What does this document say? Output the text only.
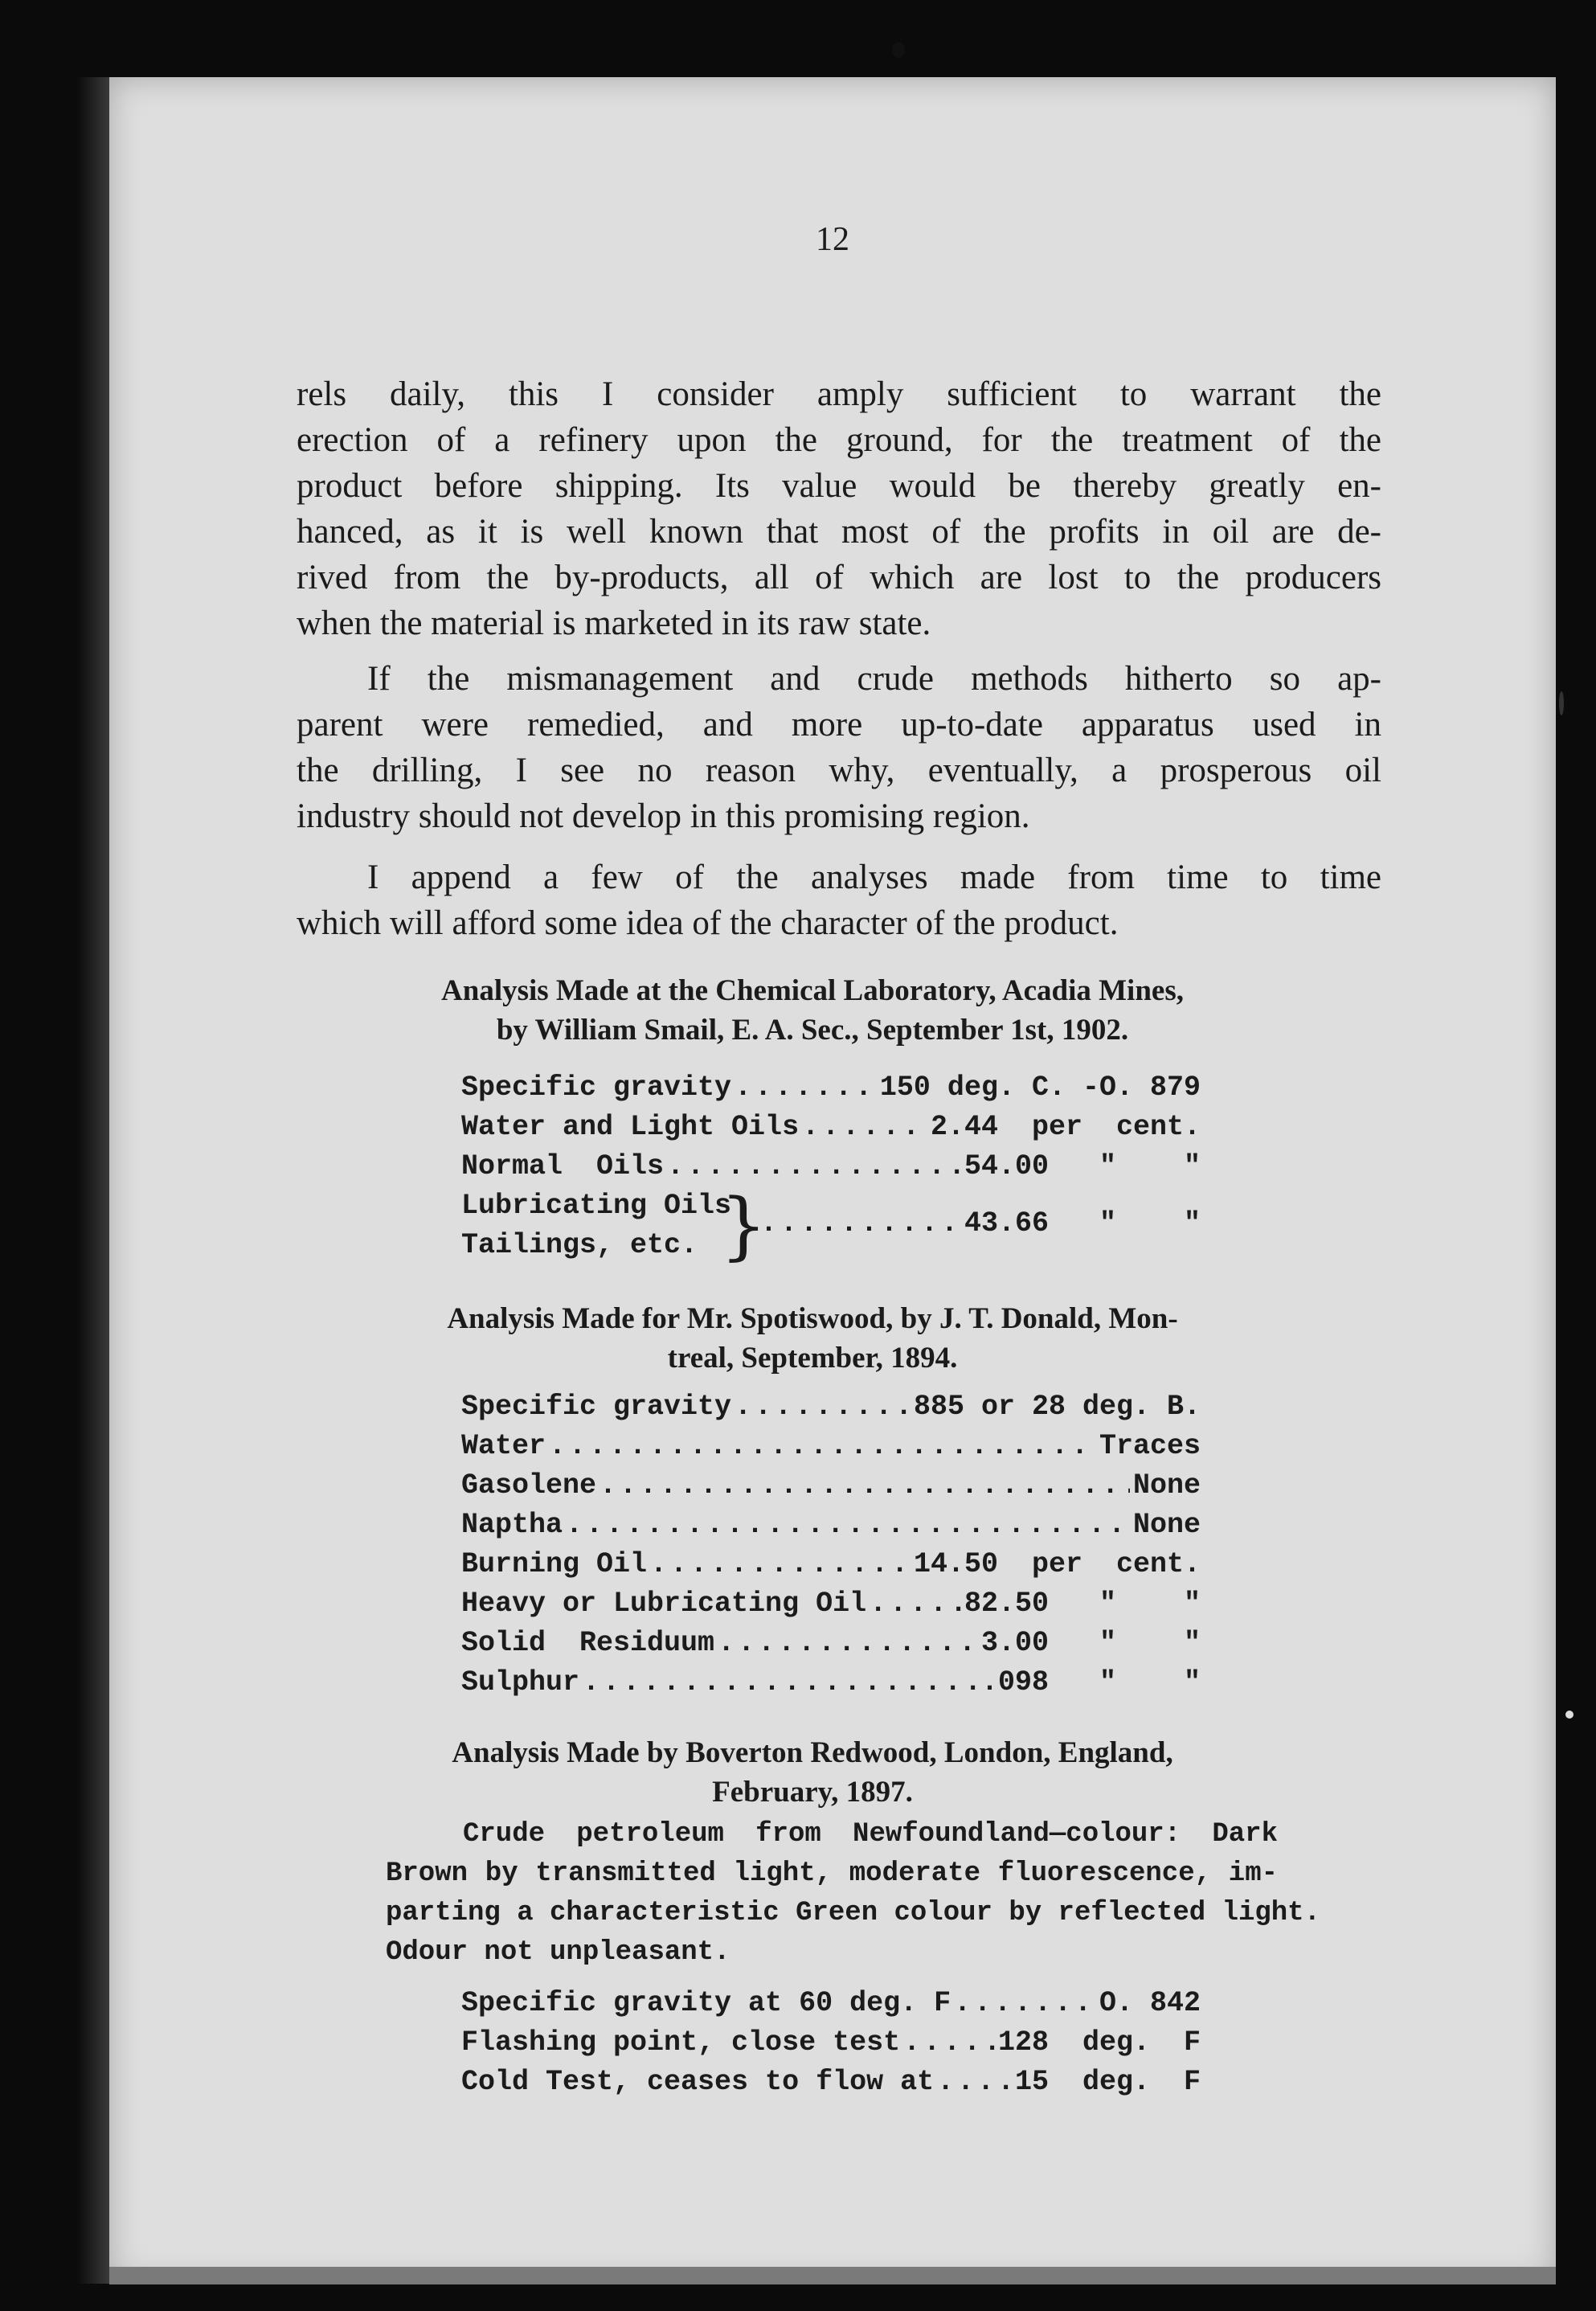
12
rels daily, this I consider amply sufficient to warrant the
erection of a refinery upon the ground, for the treatment of the
product before shipping. Its value would be thereby greatly en-
hanced, as it is well known that most of the profits in oil are de-
rived from the by-products, all of which are lost to the producers
when the material is marketed in its raw state.
If the mismanagement and crude methods hitherto so ap-
parent were remedied, and more up-to-date apparatus used in
the drilling, I see no reason why, eventually, a prosperous oil
industry should not develop in this promising region.
I append a few of the analyses made from time to time
which will afford some idea of the character of the product.
Analysis Made at the Chemical Laboratory, Acadia Mines,
by William Smail, E. A. Sec., September 1st, 1902.
Specific gravity .....	150 deg. C. -O. 879
Water and Light Oils .....	2.44  per  cent.
Normal  Oils .....	54.00   "    "
Lubricating Oils
Tailings, etc. } .....	43.66   "    "
Analysis Made for Mr. Spotiswood, by J. T. Donald, Mon-
treal, September, 1894.
Specific gravity .....	885 or 28 deg. B.
Water .....	Traces
Gasolene .....	None
Naptha .....	None
Burning Oil .....	14.50  per  cent.
Heavy or Lubricating Oil .....	82.50   "    "
Solid  Residuum .....	3.00   "    "
Sulphur .....	.098   "    "
Analysis Made by Boverton Redwood, London, England,
February, 1897.
Crude petroleum from Newfoundland—colour: Dark
Brown by transmitted light, moderate fluorescence, im-
parting a characteristic Green colour by reflected light.
Odour not unpleasant.
Specific gravity at 60 deg. F .....	O. 842
Flashing point, close test .....	128  deg.  F
Cold Test, ceases to flow at .....	15  deg.  F
